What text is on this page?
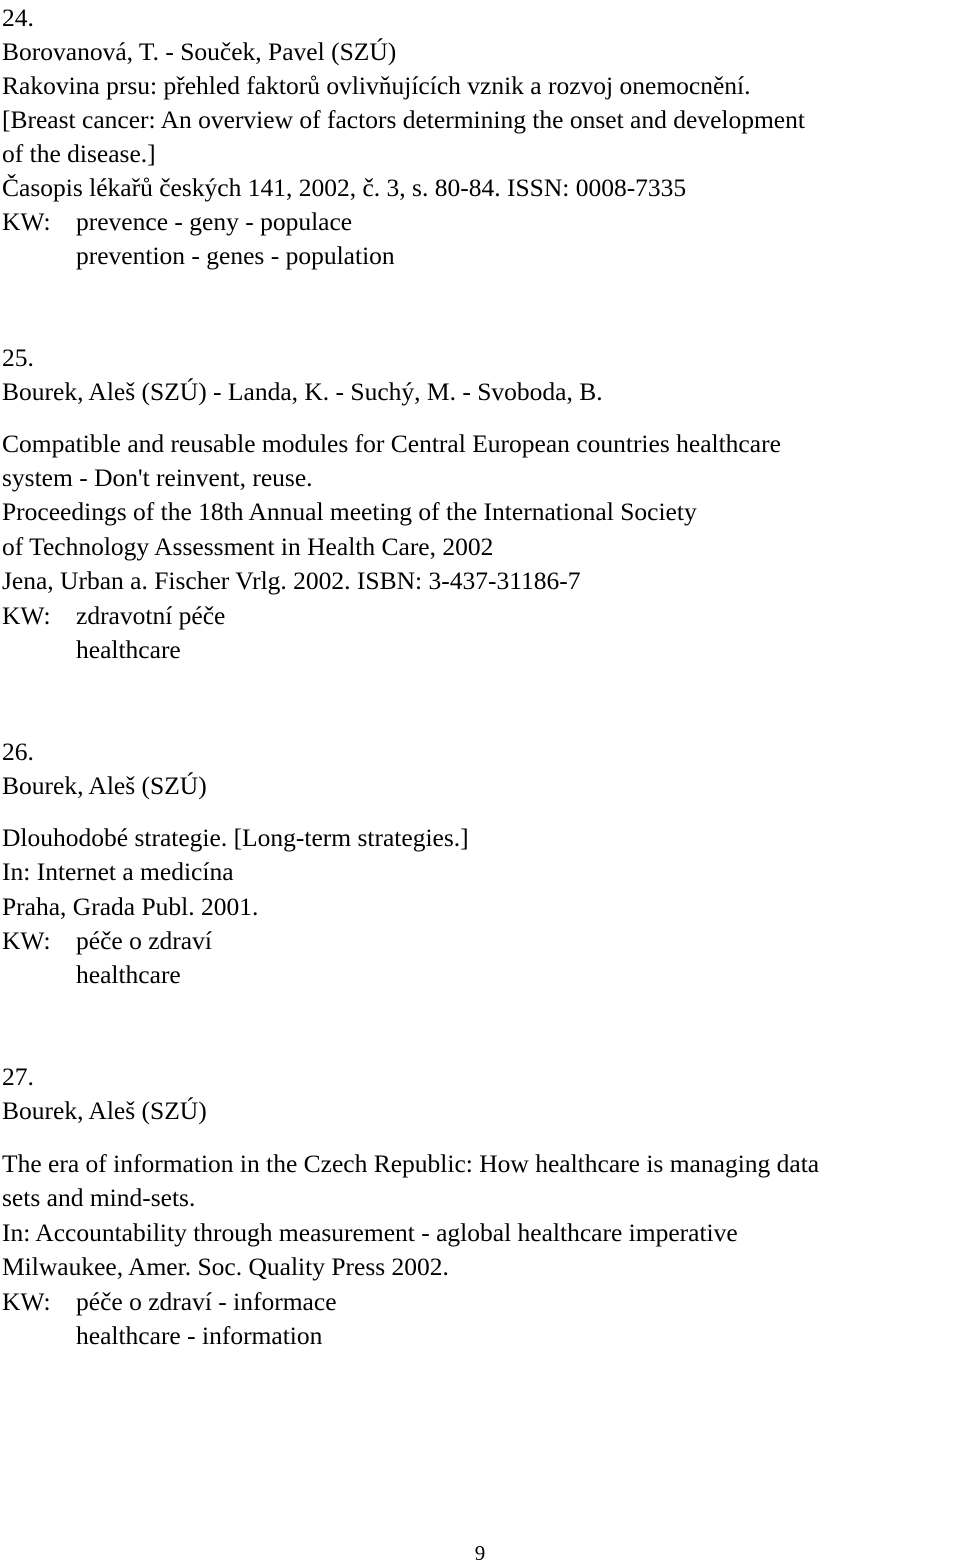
24.
Borovanová, T. - Souček, Pavel (SZÚ)
Rakovina prsu: přehled faktorů ovlivňujících vznik a rozvoj onemocnění.
[Breast cancer: An overview of factors determining the onset and development
of the disease.]
Časopis lékařů českých 141, 2002, č. 3, s. 80-84. ISSN: 0008-7335
KW: prevence - geny - populace
prevention - genes - population
25.
Bourek, Aleš (SZÚ) - Landa, K. - Suchý, M. - Svoboda, B.
Compatible and reusable modules for Central European countries healthcare
system - Don't reinvent, reuse.
Proceedings of the 18th Annual meeting of the International Society
of Technology Assessment in Health Care, 2002
Jena, Urban a. Fischer Vrlg. 2002. ISBN: 3-437-31186-7
KW: zdravotní péče
healthcare
26.
Bourek, Aleš (SZÚ)
Dlouhodobé strategie. [Long-term strategies.]
In: Internet a medicína
Praha, Grada Publ. 2001.
KW: péče o zdraví
healthcare
27.
Bourek, Aleš (SZÚ)
The era of information in the Czech Republic: How healthcare is managing data
sets and mind-sets.
In: Accountability through measurement - aglobal healthcare imperative
Milwaukee, Amer. Soc. Quality Press 2002.
KW: péče o zdraví - informace
healthcare - information
9
